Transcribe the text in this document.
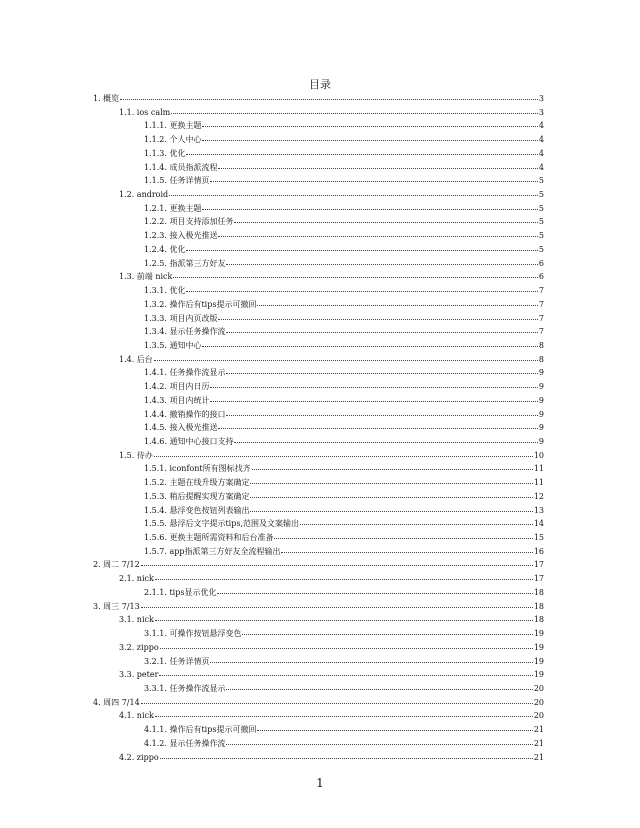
目录
1. 概览	3
1.1. ios calm	3
1.1.1. 更换主题	4
1.1.2. 个人中心	4
1.1.3. 优化	4
1.1.4. 成员指派流程	4
1.1.5. 任务详情页	5
1.2. android	5
1.2.1. 更换主题	5
1.2.2. 项目支持添加任务	5
1.2.3. 接入极光推送	5
1.2.4. 优化	5
1.2.5. 指派第三方好友	6
1.3. 前端 nick	6
1.3.1. 优化	7
1.3.2. 操作后有tips提示可撤回	7
1.3.3. 项目内页改版	7
1.3.4. 显示任务操作流	7
1.3.5. 通知中心	8
1.4. 后台	8
1.4.1. 任务操作流显示	9
1.4.2. 项目内日历	9
1.4.3. 项目内统计	9
1.4.4. 撤销操作的接口	9
1.4.5. 接入极光推送	9
1.4.6. 通知中心接口支持	9
1.5. 待办	10
1.5.1. iconfont所有图标找齐	11
1.5.2. 主题在线升级方案确定	11
1.5.3. 稍后提醒实现方案确定	12
1.5.4. 悬浮变色按钮列表输出	13
1.5.5. 悬浮后文字提示tips,范围及文案输出	14
1.5.6. 更换主题所需资料和后台准备	15
1.5.7. app指派第三方好友全流程输出	16
2. 周二 7/12	17
2.1. nick	17
2.1.1. tips显示优化	18
3. 周三 7/13	18
3.1. nick	18
3.1.1. 可操作按钮悬浮变色	19
3.2. zippo	19
3.2.1. 任务详情页	19
3.3. peter	19
3.3.1. 任务操作流显示	20
4. 周四 7/14	20
4.1. nick	20
4.1.1. 操作后有tips提示可撤回	21
4.1.2. 显示任务操作流	21
4.2. zippo	21
1
